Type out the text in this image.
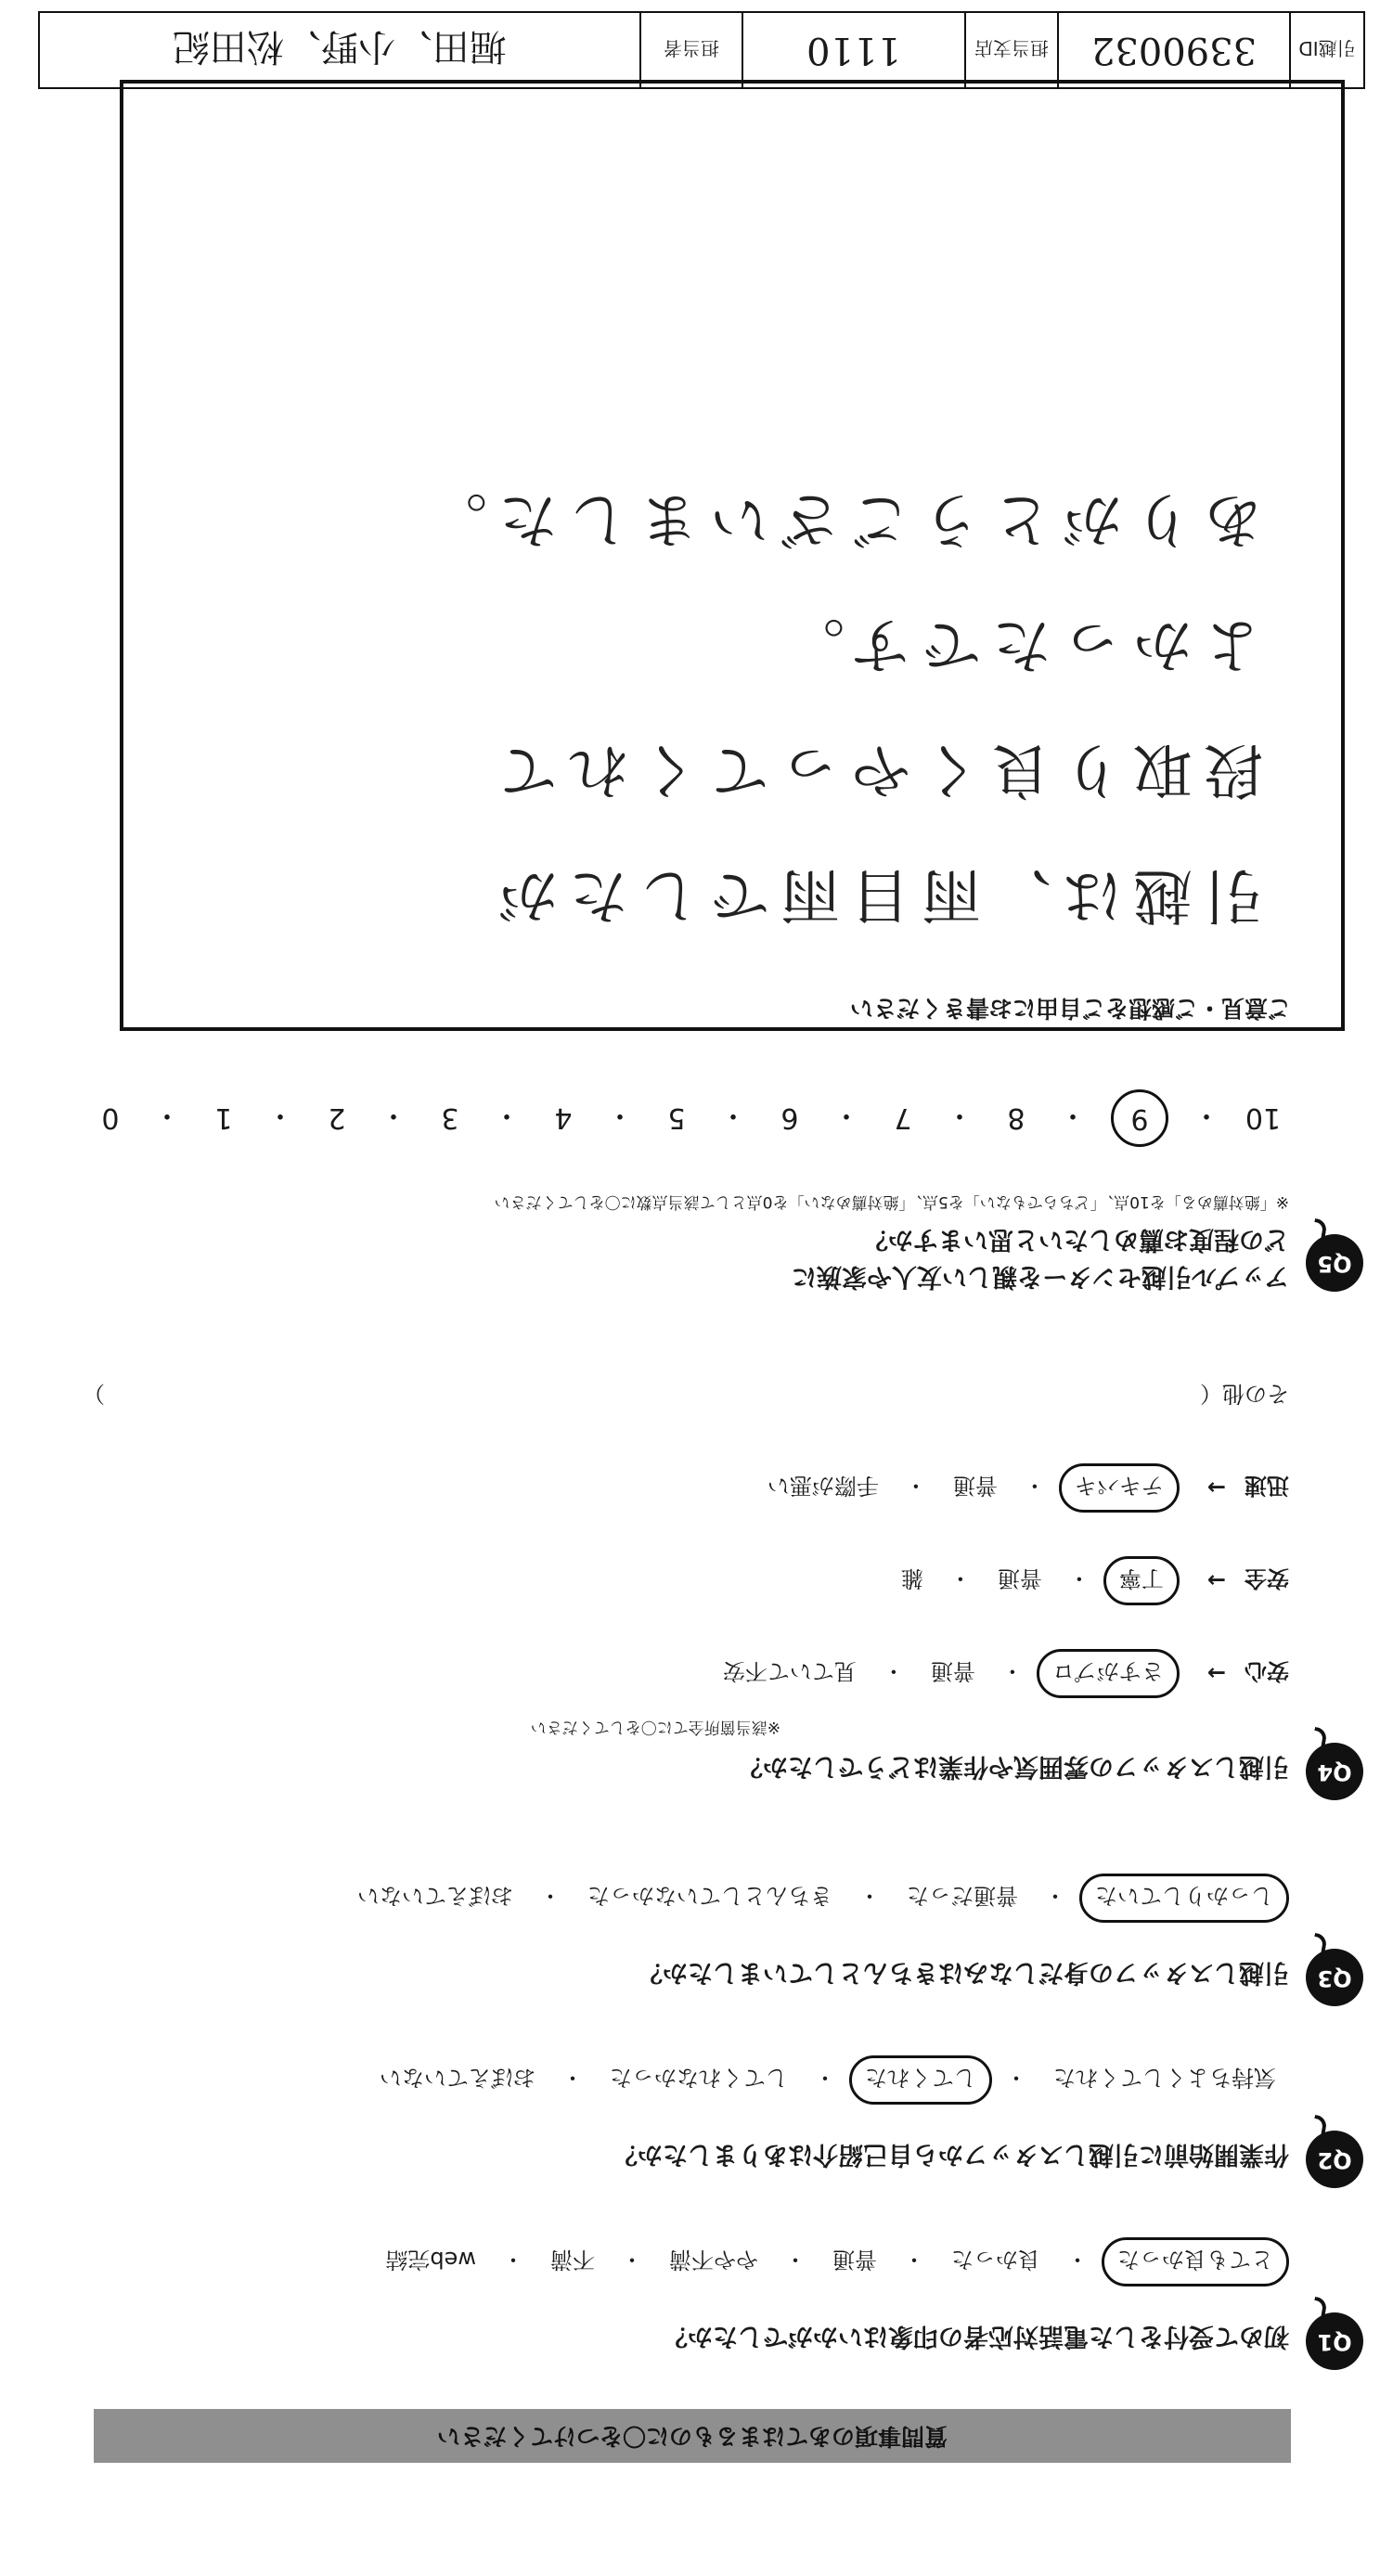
質問事項のあてはまるものに〇をつけてください
Q1
初めて受付をした電話対応者の印象はいかがでしたか？
とても良かった
・
良かった
・
普通
・
やや不満
・
不満
・
web完結
Q2
作業開始前に引越しスタッフから自己紹介はありましたか？
気持ちよくしてくれた
・
してくれた
・
してくれなかった
・
おぼえていない
Q3
引越しスタッフの身だしなみはきちんとしていましたか？
しっかりしていた
・
普通だった
・
きちんとしていなかった
・
おぼえていない
Q4
引越しスタッフの雰囲気や作業はどうでしたか？
※該当箇所全てに〇をしてください
安心
→
さすがプロ
・
普通
・
見ていて不安
安全
→
丁寧
・
普通
・
雑
迅速
→
テキパキ
・
普通
・
手際が悪い
その他（
）
Q5
アップル引越センターを親しい友人や家族に
どの程度お薦めしたいと思いますか？
※「絶対薦める」を10点、「どちらでもない」を5点、「絶対薦めない」を0点として該当点数に〇をしてください
10
・
9
・
8
・
7
・
6
・
5
・
4
・
3
・
2
・
1
・
0
ご意見・ご感想をご自由にお書きください
引越は、雨目雨でしたが
段取り良くやってくれて
よかったです。
ありがとうございました。
引越ID
3390032
担当支店
1110
担当者
堀田、小野、松田紀
